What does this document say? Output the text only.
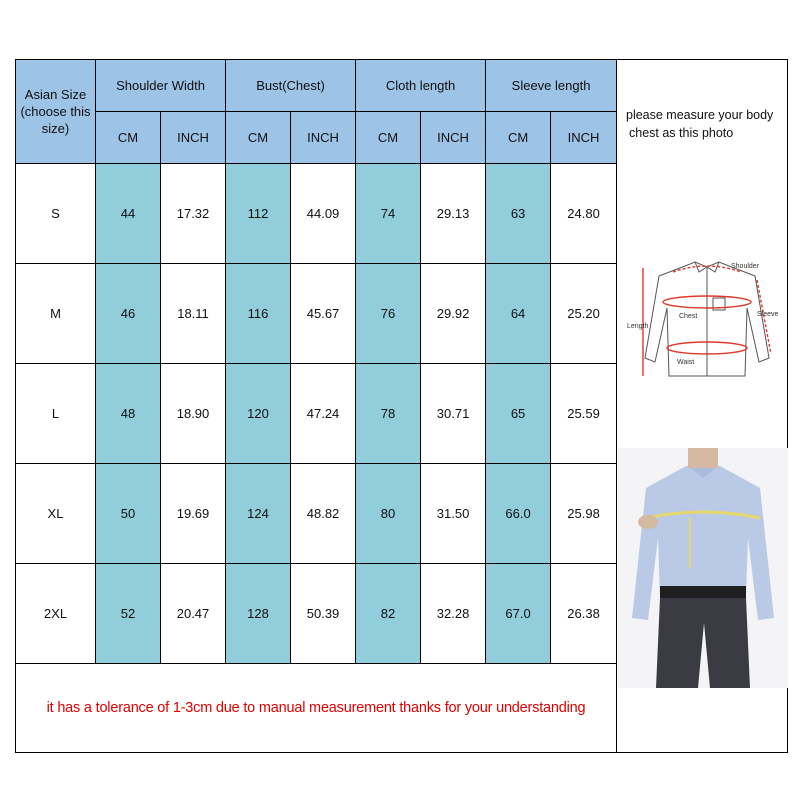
Asian Size
(choose this
size)	Shoulder Width		Bust(Chest)		Cloth length		Sleeve length	
	CM	INCH	CM	INCH	CM	INCH	CM	INCH
S	44	17.32	112	44.09	74	29.13	63	24.80
M	46	18.11	116	45.67	76	29.92	64	25.20
L	48	18.90	120	47.24	78	30.71	65	25.59
XL	50	19.69	124	48.82	80	31.50	66.0	25.98
2XL	52	20.47	128	50.39	82	32.28	67.0	26.38
it has a tolerance of 1-3cm due to manual measurement thanks for your understanding								
please measure your body
chest as this photo
Shoulder
Sleeve
Length
Chest
Waist
